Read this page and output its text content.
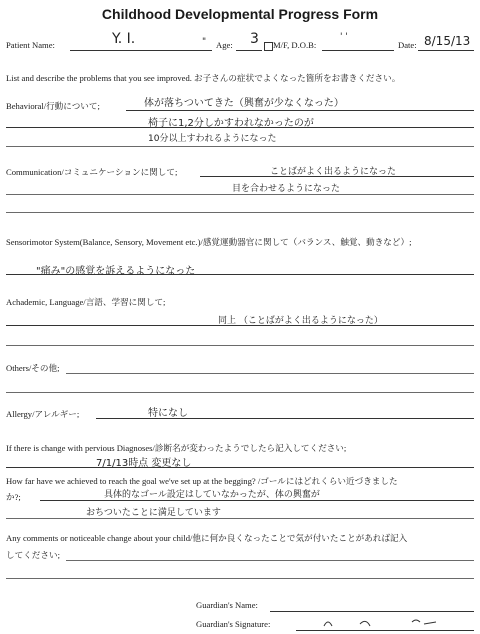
Childhood Developmental Progress Form
Patient Name:	Y. I.	" Age: 3	M/F, D.O.B:
' '
Date: 8/15/13
List and describe the problems that you see improved. お子さんの症状でよくなった箇所をお書きください。
Behavioral/行動について;	体が落ちついてきた（興奮が少なくなった）
椅子に1,2分しかすわれなかったのが
10分以上すわれるようになった
Communication/コミュニケーションに関して;	ことばがよく出るようになった
目を合わせるようになった
Sensorimotor System(Balance, Sensory, Movement etc.)/感覚運動器官に関して（バランス、触覚、動きなど）;
"痛み"の感覚を訴えるようになった
Achademic, Language/言語、学習に関して;
同上 （ことばがよく出るようになった）
Others/その他;
Allergy/アレルギー;	特になし
If there is change with pervious Diagnoses/診断名が変わったようでしたら記入してください;
7/1/13時点 変更なし
How far have we achieved to reach the goal we've set up at the begging? /ゴールにはどれくらい近づきました
か?;	具体的なゴール設定はしていなかったが、体の興奮が
おちついたことに満足しています
Any comments or noticeable change about your child/他に何か良くなったことで気が付いたことがあれば記入
してください;
Guardian's Name:
Guardian's Signature:
